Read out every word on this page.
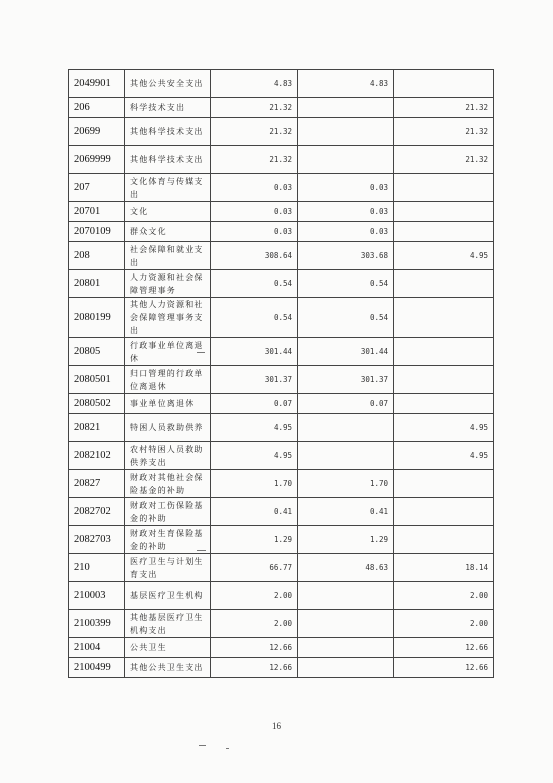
2049901	其他公共安全支出	4.83	4.83	
206	科学技术支出	21.32		21.32
20699	其他科学技术支出	21.32		21.32
2069999	其他科学技术支出	21.32		21.32
207	文化体育与传媒支出	0.03	0.03	
20701	文化	0.03	0.03	
2070109	群众文化	0.03	0.03	
208	社会保障和就业支出	308.64	303.68	4.95
20801	人力资源和社会保障管理事务	0.54	0.54	
2080199	其他人力资源和社会保障管理事务支出	0.54	0.54	
20805	行政事业单位离退休	301.44	301.44	
2080501	归口管理的行政单位离退休	301.37	301.37	
2080502	事业单位离退休	0.07	0.07	
20821	特困人员救助供养	4.95		4.95
2082102	农村特困人员救助供养支出	4.95		4.95
20827	财政对其他社会保险基金的补助	1.70	1.70	
2082702	财政对工伤保险基金的补助	0.41	0.41	
2082703	财政对生育保险基金的补助	1.29	1.29	
210	医疗卫生与计划生育支出	66.77	48.63	18.14
210003	基层医疗卫生机构	2.00		2.00
2100399	其他基层医疗卫生机构支出	2.00		2.00
21004	公共卫生	12.66		12.66
2100499	其他公共卫生支出	12.66		12.66
16
